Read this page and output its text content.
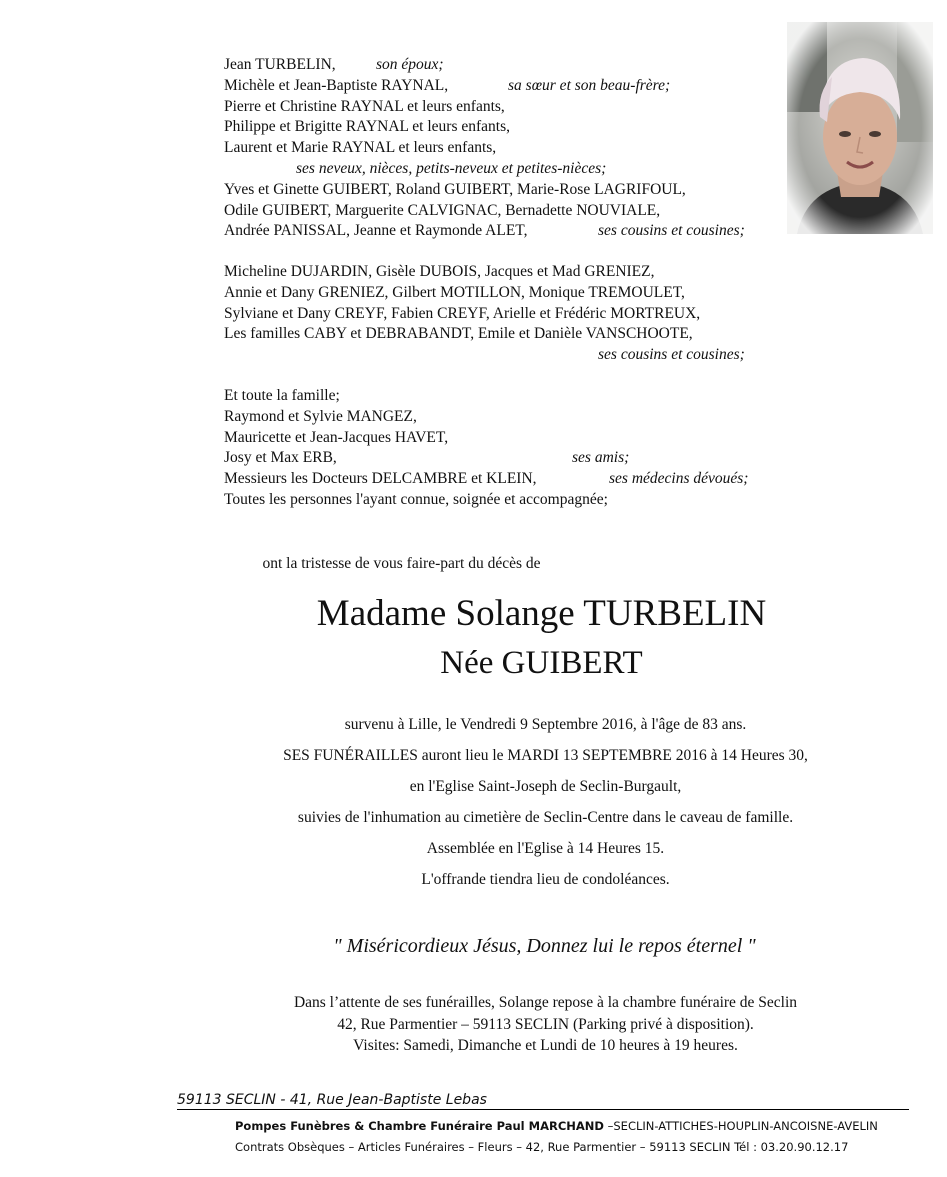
Jean TURBELIN,	son époux;
Michèle et Jean-Baptiste RAYNAL,	sa sœur et son beau-frère;
Pierre et Christine RAYNAL et leurs enfants,
Philippe et Brigitte RAYNAL et leurs enfants,
Laurent et Marie RAYNAL et leurs enfants,
ses neveux, nièces, petits-neveux et petites-nièces;
Yves et Ginette GUIBERT, Roland GUIBERT, Marie-Rose LAGRIFOUL,
Odile GUIBERT, Marguerite CALVIGNAC, Bernadette NOUVIALE,
Andrée PANISSAL, Jeanne et Raymonde ALET,	ses cousins et cousines;
Micheline DUJARDIN, Gisèle DUBOIS, Jacques et Mad GRENIEZ,
Annie et Dany GRENIEZ, Gilbert MOTILLON, Monique TREMOULET,
Sylviane et Dany CREYF, Fabien CREYF, Arielle et Frédéric MORTREUX,
Les familles CABY et DEBRABANDT, Emile et Danièle VANSCHOOTE,
ses cousins et cousines;
Et toute la famille;
Raymond et Sylvie MANGEZ,
Mauricette et Jean-Jacques HAVET,
Josy et Max ERB,	ses amis;
Messieurs les Docteurs DELCAMBRE et KLEIN,	ses médecins dévoués;
Toutes les personnes l'ayant connue, soignée et accompagnée;
ont la tristesse de vous faire-part du décès de
Madame Solange TURBELIN
Née GUIBERT
survenu à Lille, le Vendredi 9 Septembre 2016, à l'âge de 83 ans.
SES FUNÉRAILLES auront lieu le MARDI 13 SEPTEMBRE 2016 à 14 Heures 30,
en l'Eglise Saint-Joseph de Seclin-Burgault,
suivies de l'inhumation au cimetière de Seclin-Centre dans le caveau de famille.
Assemblée en l'Eglise à 14 Heures 15.
L'offrande tiendra lieu de condoléances.
" Miséricordieux Jésus, Donnez lui le repos éternel "
Dans l’attente de ses funérailles, Solange repose à la chambre funéraire de Seclin
42, Rue Parmentier – 59113 SECLIN (Parking privé à disposition).
Visites: Samedi, Dimanche et Lundi de 10 heures à 19 heures.
59113 SECLIN - 41, Rue Jean-Baptiste Lebas
Pompes Funèbres & Chambre Funéraire Paul MARCHAND –SECLIN-ATTICHES-HOUPLIN-ANCOISNE-AVELIN
Contrats Obsèques – Articles Funéraires – Fleurs – 42, Rue Parmentier – 59113 SECLIN Tél : 03.20.90.12.17
